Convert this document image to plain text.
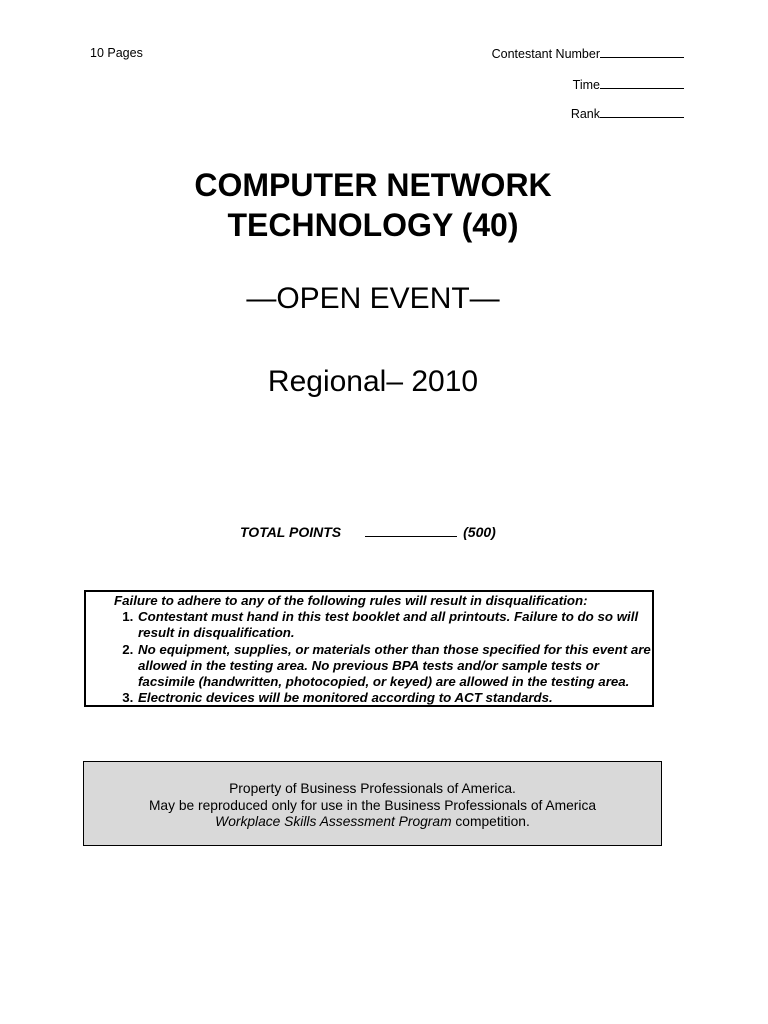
10 Pages	Contestant Number
Time
Rank
COMPUTER NETWORK
TECHNOLOGY (40)
—OPEN EVENT—
Regional– 2010
TOTAL POINTS	(500)
Failure to adhere to any of the following rules will result in disqualification:
1. Contestant must hand in this test booklet and all printouts. Failure to do so will result in disqualification.
2. No equipment, supplies, or materials other than those specified for this event are allowed in the testing area. No previous BPA tests and/or sample tests or facsimile (handwritten, photocopied, or keyed) are allowed in the testing area.
3. Electronic devices will be monitored according to ACT standards.
Property of Business Professionals of America.
May be reproduced only for use in the Business Professionals of America
Workplace Skills Assessment Program competition.
